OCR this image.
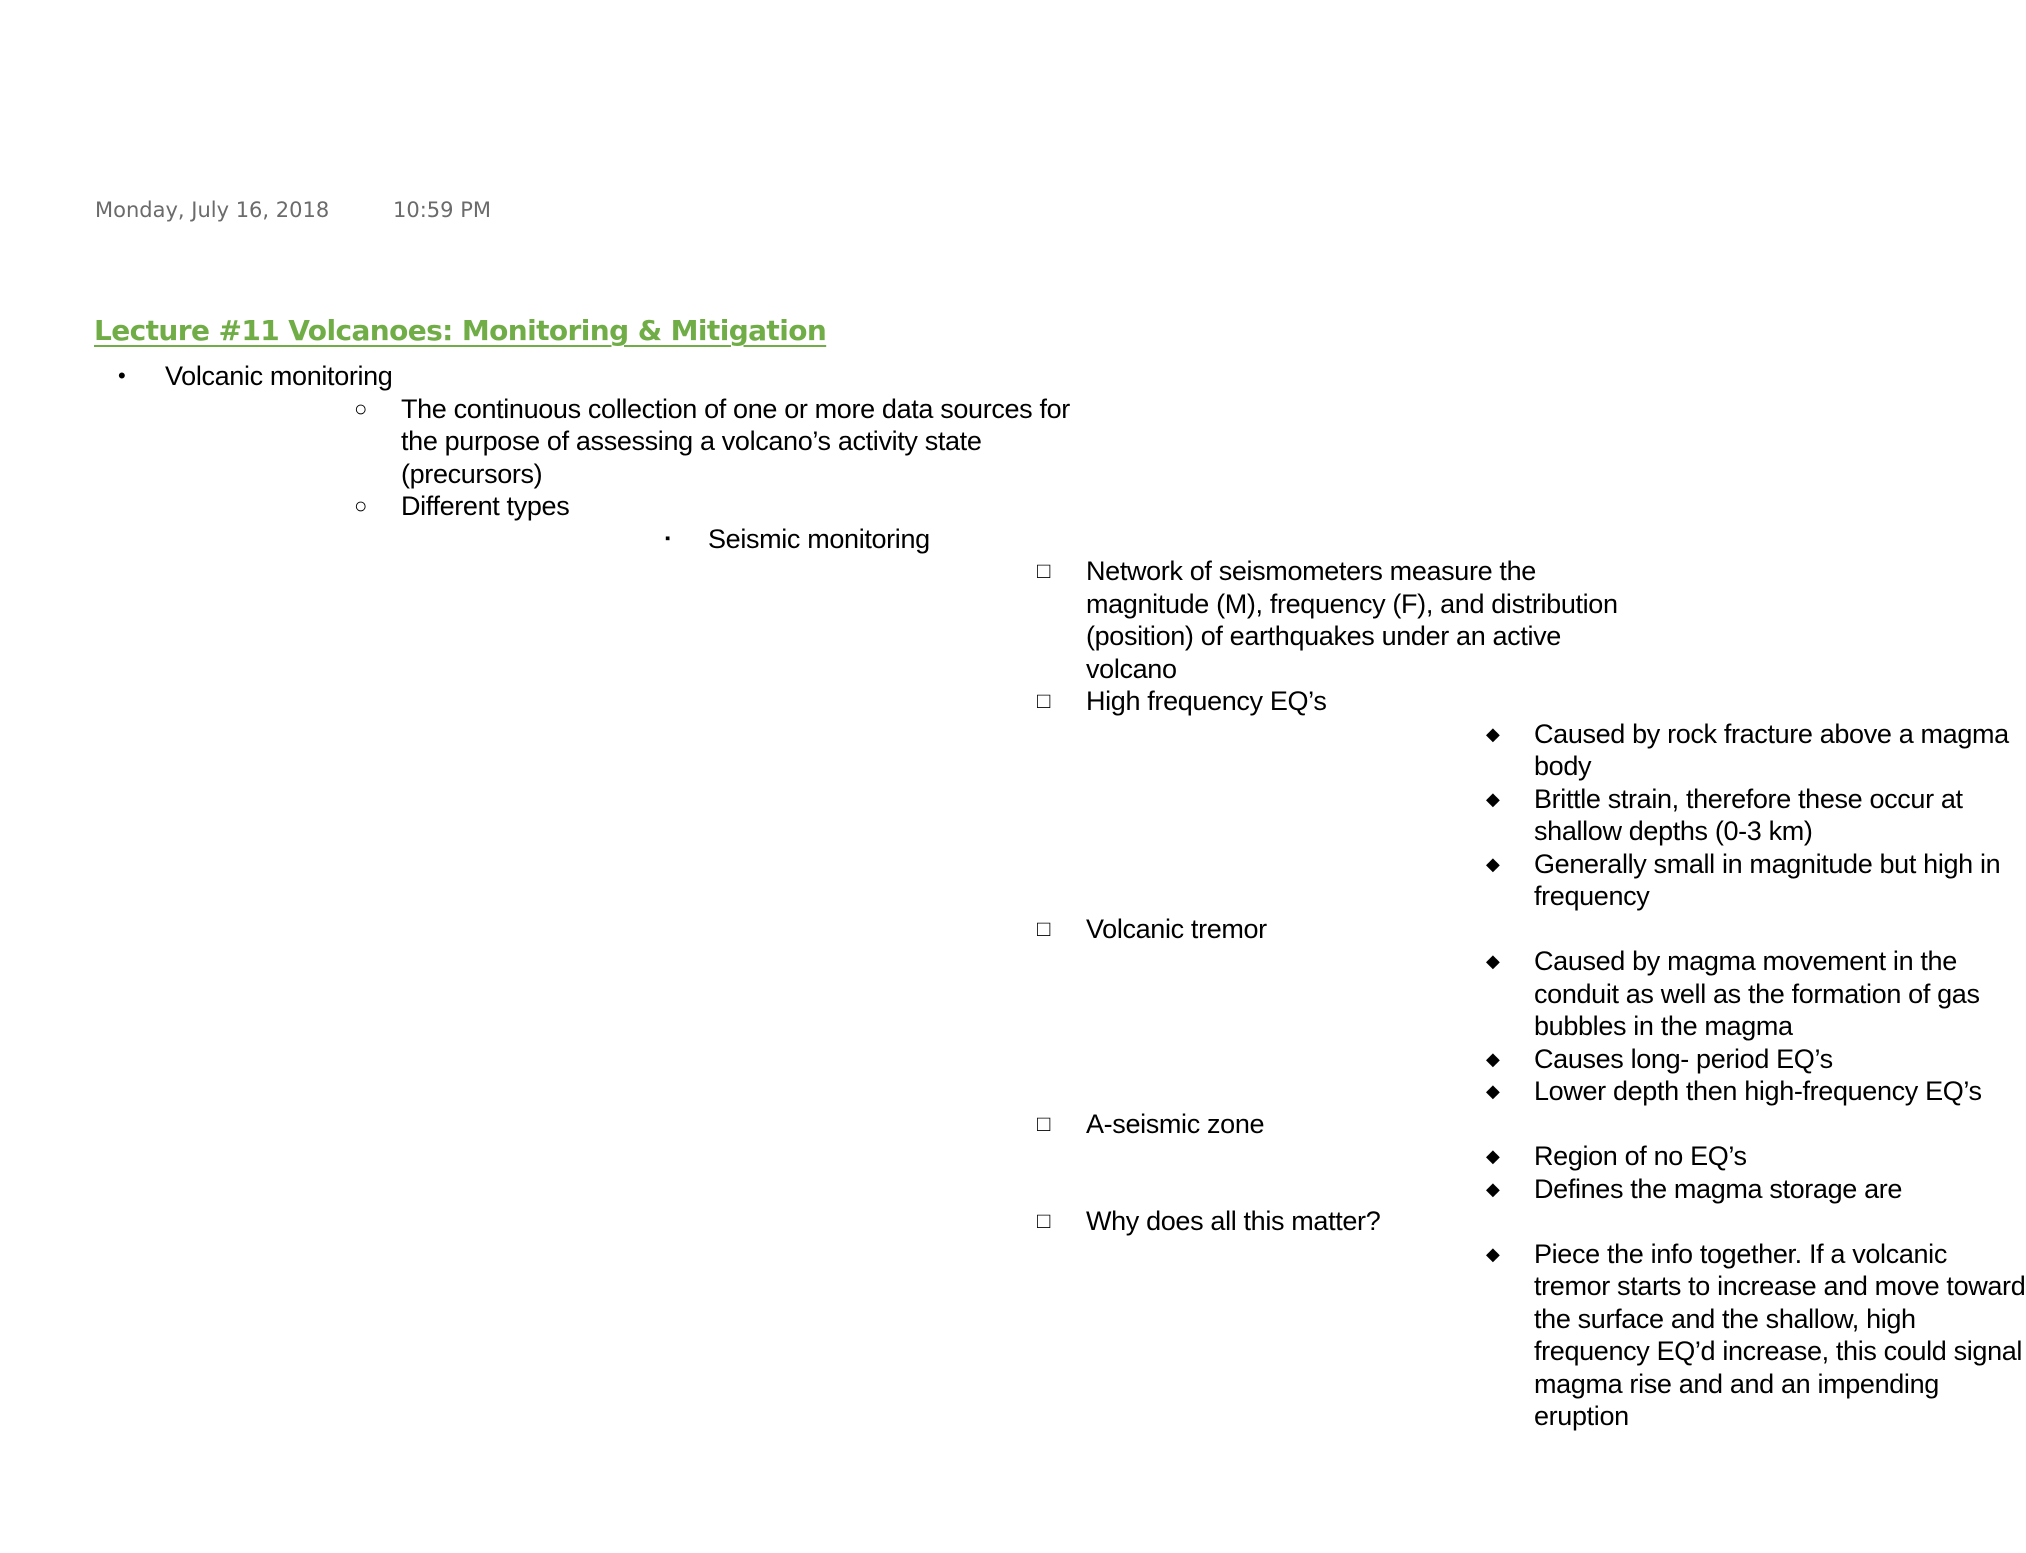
Monday, July 16, 2018	10:59 PM
Lecture #11 Volcanoes: Monitoring & Mitigation
• Volcanic monitoring
○ The continuous collection of one or more data sources for the purpose of assessing a volcano’s activity state (precursors)
○ Different types
▪ Seismic monitoring
□ Network of seismometers measure the magnitude (M), frequency (F), and distribution (position) of earthquakes under an active volcano
□ High frequency EQ’s
◆ Caused by rock fracture above a magma body
◆ Brittle strain, therefore these occur at shallow depths (0-3 km)
◆ Generally small in magnitude but high in frequency
□ Volcanic tremor
◆ Caused by magma movement in the conduit as well as the formation of gas bubbles in the magma
◆ Causes long- period EQ’s
◆ Lower depth then high-frequency EQ’s
□ A-seismic zone
◆ Region of no EQ’s
◆ Defines the magma storage are
□ Why does all this matter?
◆ Piece the info together. If a volcanic tremor starts to increase and move toward the surface and the shallow, high frequency EQ’d increase, this could signal magma rise and and an impending eruption
